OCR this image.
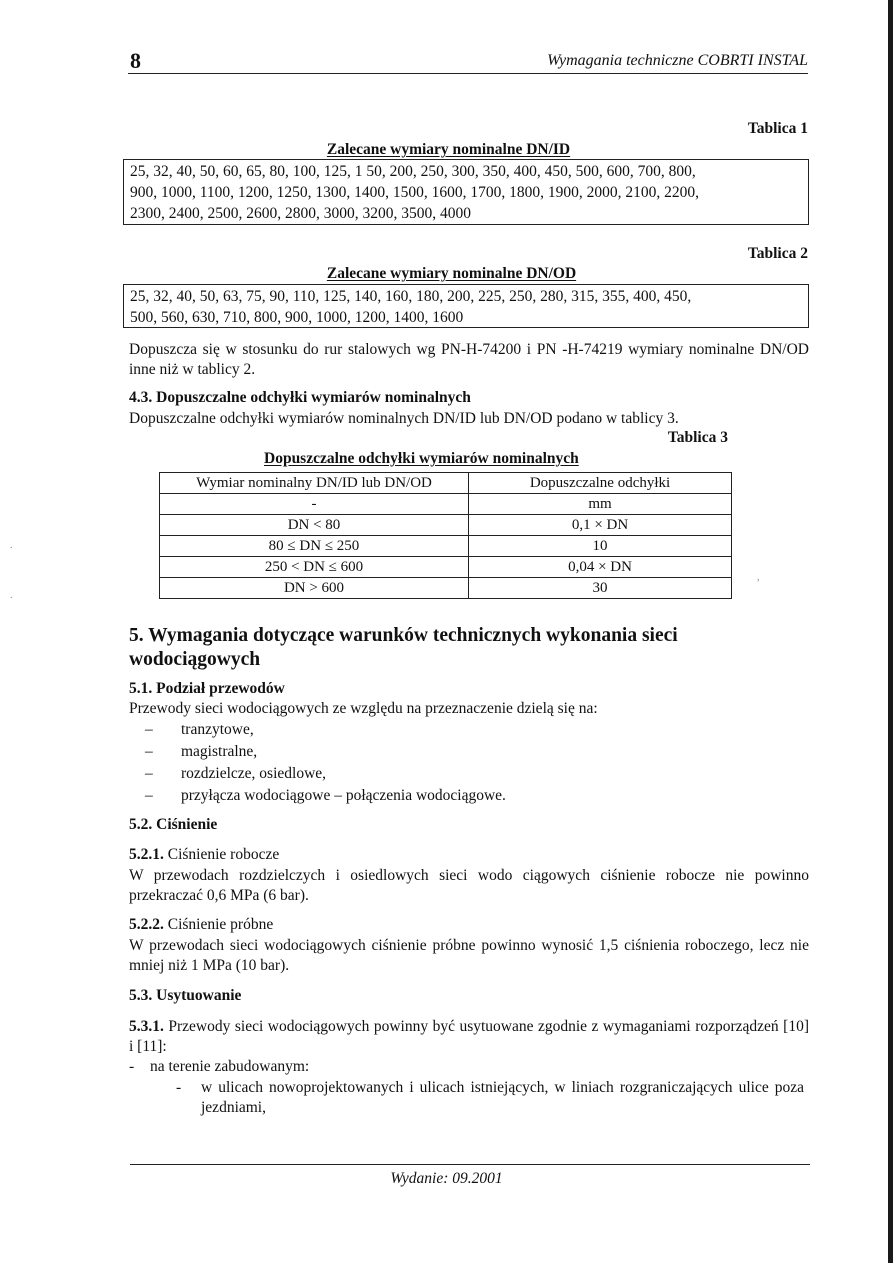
.
.
,
8	Wymagania techniczne COBRTI INSTAL
Tablica 1
Zalecane wymiary nominalne DN/ID
25, 32, 40, 50, 60, 65, 80, 100, 125, 1 50, 200, 250, 300, 350, 400, 450, 500, 600, 700, 800,
900, 1000, 1100, 1200, 1250, 1300, 1400, 1500, 1600, 1700, 1800, 1900, 2000, 2100, 2200,
2300, 2400, 2500, 2600, 2800, 3000, 3200, 3500, 4000
Tablica 2
Zalecane wymiary nominalne DN/OD
25, 32, 40, 50, 63, 75, 90, 110, 125, 140, 160, 180, 200, 225, 250, 280, 315, 355, 400, 450,
500, 560, 630, 710, 800, 900, 1000, 1200, 1400, 1600
Dopuszcza się w stosunku do rur stalowych wg PN-H-74200 i PN -H-74219 wymiary nominalne DN/OD inne niż w tablicy 2.
4.3. Dopuszczalne odchyłki wymiarów nominalnych
Dopuszczalne odchyłki wymiarów nominalnych DN/ID lub DN/OD podano w tablicy 3.
Tablica 3
Dopuszczalne odchyłki wymiarów nominalnych
Wymiar nominalny DN/ID lub DN/OD	Dopuszczalne odchyłki
-	mm
DN < 80	0,1 × DN
80 ≤ DN ≤ 250	10
250 < DN ≤ 600	0,04 × DN
DN > 600	30
5. Wymagania dotyczące warunków technicznych wykonania sieci wodociągowych
5.1. Podział przewodów
Przewody sieci wodociągowych ze względu na przeznaczenie dzielą się na:
– tranzytowe,
– magistralne,
– rozdzielcze, osiedlowe,
– przyłącza wodociągowe – połączenia wodociągowe.
5.2. Ciśnienie
5.2.1. Ciśnienie robocze
W przewodach rozdzielczych i osiedlowych sieci wodo ciągowych ciśnienie robocze nie powinno przekraczać 0,6 MPa (6 bar).
5.2.2. Ciśnienie próbne
W przewodach sieci wodociągowych ciśnienie próbne powinno wynosić 1,5 ciśnienia roboczego, lecz nie mniej niż 1 MPa (10 bar).
5.3. Usytuowanie
5.3.1. Przewody sieci wodociągowych powinny być usytuowane zgodnie z wymaganiami rozporządzeń [10] i [11]:
- na terenie zabudowanym:
- w ulicach nowoprojektowanych i ulicach istniejących, w liniach rozgraniczających ulice poza jezdniami,
Wydanie: 09.2001
